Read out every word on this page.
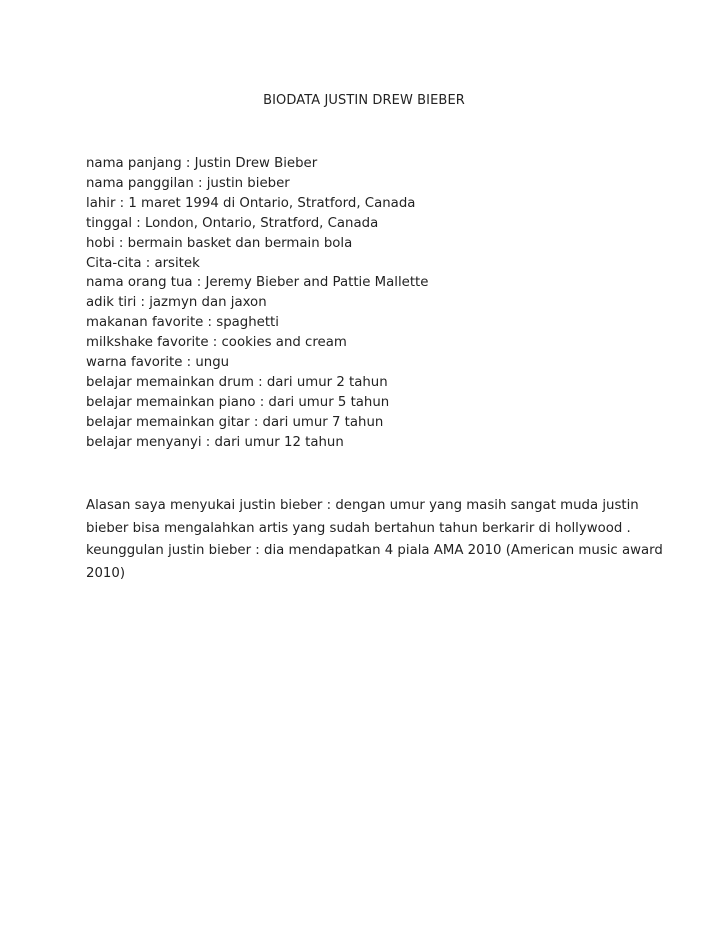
BIODATA JUSTIN DREW BIEBER
nama panjang : Justin Drew Bieber
nama panggilan : justin bieber
lahir : 1 maret 1994 di Ontario, Stratford, Canada
tinggal : London, Ontario, Stratford, Canada
hobi : bermain basket dan bermain bola
Cita-cita : arsitek
nama orang tua : Jeremy Bieber and Pattie Mallette
adik tiri : jazmyn dan jaxon
makanan favorite : spaghetti
milkshake favorite : cookies and cream
warna favorite : ungu
belajar memainkan drum : dari umur 2 tahun
belajar memainkan piano : dari umur 5 tahun
belajar memainkan gitar : dari umur 7 tahun
belajar menyanyi : dari umur 12 tahun

Alasan saya menyukai justin bieber : dengan umur yang masih sangat muda justin
bieber bisa mengalahkan artis yang sudah bertahun tahun berkarir di hollywood .
keunggulan justin bieber : dia mendapatkan 4 piala AMA 2010 (American music award
2010)
